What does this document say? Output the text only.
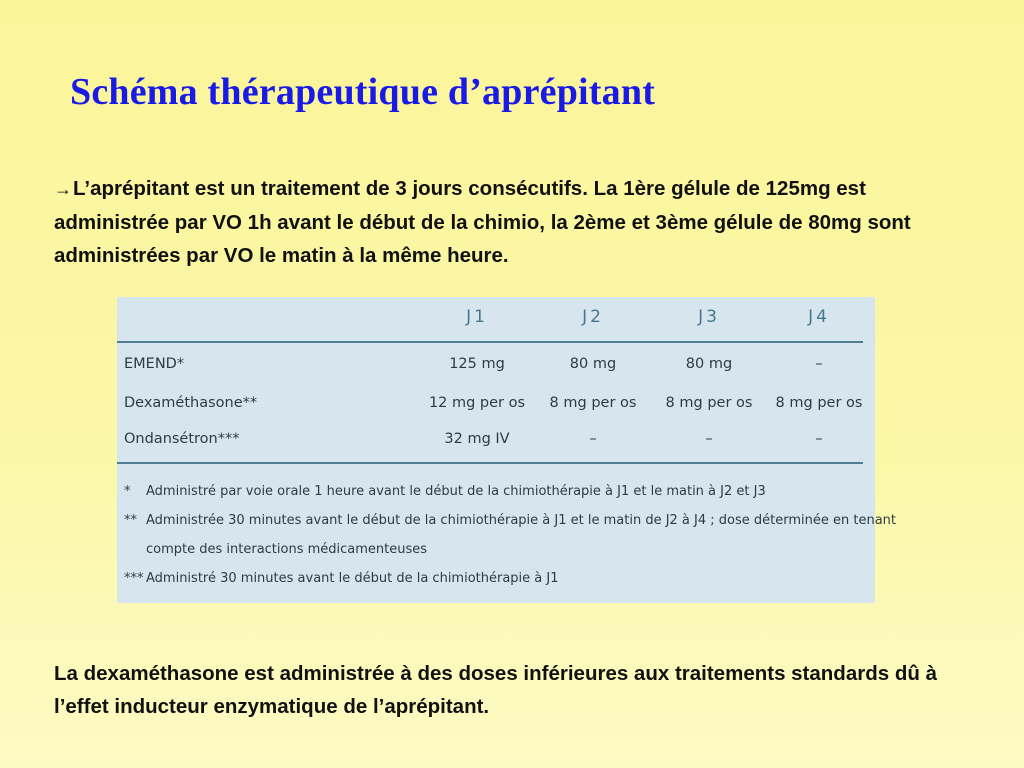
Schéma thérapeutique d’aprépitant

→L’aprépitant est un traitement de 3 jours consécutifs. La 1ère gélule de 125mg est administrée par VO 1h avant le début de la chimio, la 2ème et 3ème gélule de 80mg sont administrées par VO le matin à la même heure.

J1	J2	J3	J4
EMEND*	125 mg	80 mg	80 mg	–
Dexaméthasone**	12 mg per os 8 mg per os 8 mg per os 8 mg per os
Ondansétron***	32 mg IV	–	–	–
* Administré par voie orale 1 heure avant le début de la chimiothérapie à J1 et le matin à J2 et J3
** Administrée 30 minutes avant le début de la chimiothérapie à J1 et le matin de J2 à J4 ; dose déterminée en tenant
compte des interactions médicamenteuses
*** Administré 30 minutes avant le début de la chimiothérapie à J1

La dexaméthasone est administrée à des doses inférieures aux traitements standards dû à l’effet inducteur enzymatique de l’aprépitant.
